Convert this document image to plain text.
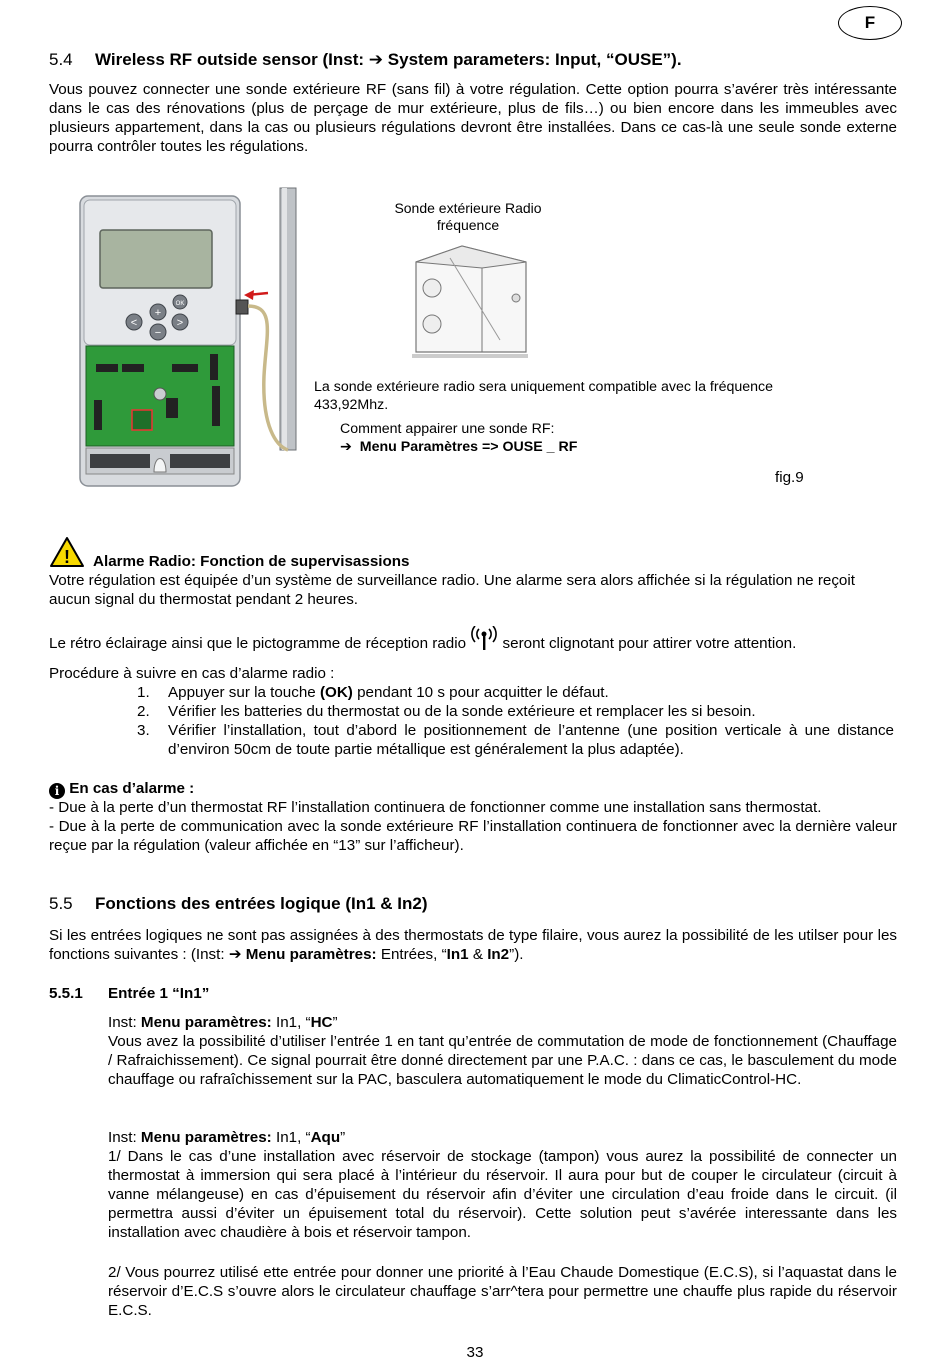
F
5.4 Wireless RF outside sensor (Inst: ➔ System parameters: Input, “OUSE”).
Vous pouvez connecter une sonde extérieure RF (sans fil) à votre régulation. Cette option pourra s’avérer très intéressante dans le cas des rénovations (plus de perçage de mur extérieure, plus de fils…) ou bien encore dans les immeubles avec plusieurs appartement, dans la cas ou plusieurs régulations devront être installées. Dans ce cas-là une seule sonde externe pourra contrôler toutes les régulations.
+
−
<	>
OK
Sonde extérieure Radio
fréquence
La sonde extérieure radio sera uniquement compatible avec la fréquence
433,92Mhz.
Comment appairer une sonde RF:
➔ Menu Paramètres => OUSE _ RF
fig.9
! Alarme Radio: Fonction de supervisassions
Votre régulation est équipée d’un système de surveillance radio. Une alarme sera alors affichée si la régulation ne reçoit aucun signal du thermostat pendant 2 heures.
Le rétro éclairage ainsi que le pictogramme de réception radio seront clignotant pour attirer votre attention.
Procédure à suivre en cas d’alarme radio :
1.	Appuyer sur la touche (OK) pendant 10 s pour acquitter le défaut.
2.	Vérifier les batteries du thermostat ou de la sonde extérieure et remplacer les si besoin.
3.	Vérifier l’installation, tout d’abord le positionnement de l’antenne (une position verticale à une distance d’environ 50cm de toute partie métallique est généralement la plus adaptée).
i En cas d’alarme :
- Due à la perte d’un thermostat RF l’installation continuera de fonctionner comme une installation sans thermostat.
- Due à la perte de communication avec la sonde extérieure RF l’installation continuera de fonctionner avec la dernière valeur reçue par la régulation (valeur affichée en “13” sur l’afficheur).
5.5 Fonctions des entrées logique (In1 & In2)
Si les entrées logiques ne sont pas assignées à des thermostats de type filaire, vous aurez la possibilité de les utilser pour les fonctions suivantes : (Inst: ➔ Menu paramètres: Entrées, “In1 & In2”).
5.5.1 Entrée 1 “In1”
Inst: Menu paramètres: In1, “HC”
Vous avez la possibilité d’utiliser l’entrée 1 en tant qu’entrée de commutation de mode de fonctionnement (Chauffage / Rafraichissement). Ce signal pourrait être donné directement par une P.A.C. : dans ce cas, le basculement du mode chauffage ou rafraîchissement sur la PAC, basculera automatiquement le mode du ClimaticControl-HC.
Inst: Menu paramètres: In1, “Aqu”
1/ Dans le cas d’une installation avec réservoir de stockage (tampon) vous aurez la possibilité de connecter un thermostat à immersion qui sera placé à l’intérieur du réservoir. Il aura pour but de couper le circulateur (circuit à vanne mélangeuse) en cas d’épuisement du réservoir afin d’éviter une circulation d’eau froide dans le circuit. (il permettra aussi d’éviter un épuisement total du réservoir). Cette solution peut s’avérée interessante dans les installation avec chaudière à bois et réservoir tampon.
2/ Vous pourrez utilisé ette entrée pour donner une priorité à l’Eau Chaude Domestique (E.C.S), si l’aquastat dans le réservoir d’E.C.S s’ouvre alors le circulateur chauffage s’arr^tera pour permettre une chauffe plus rapide du réservoir E.C.S.
33
